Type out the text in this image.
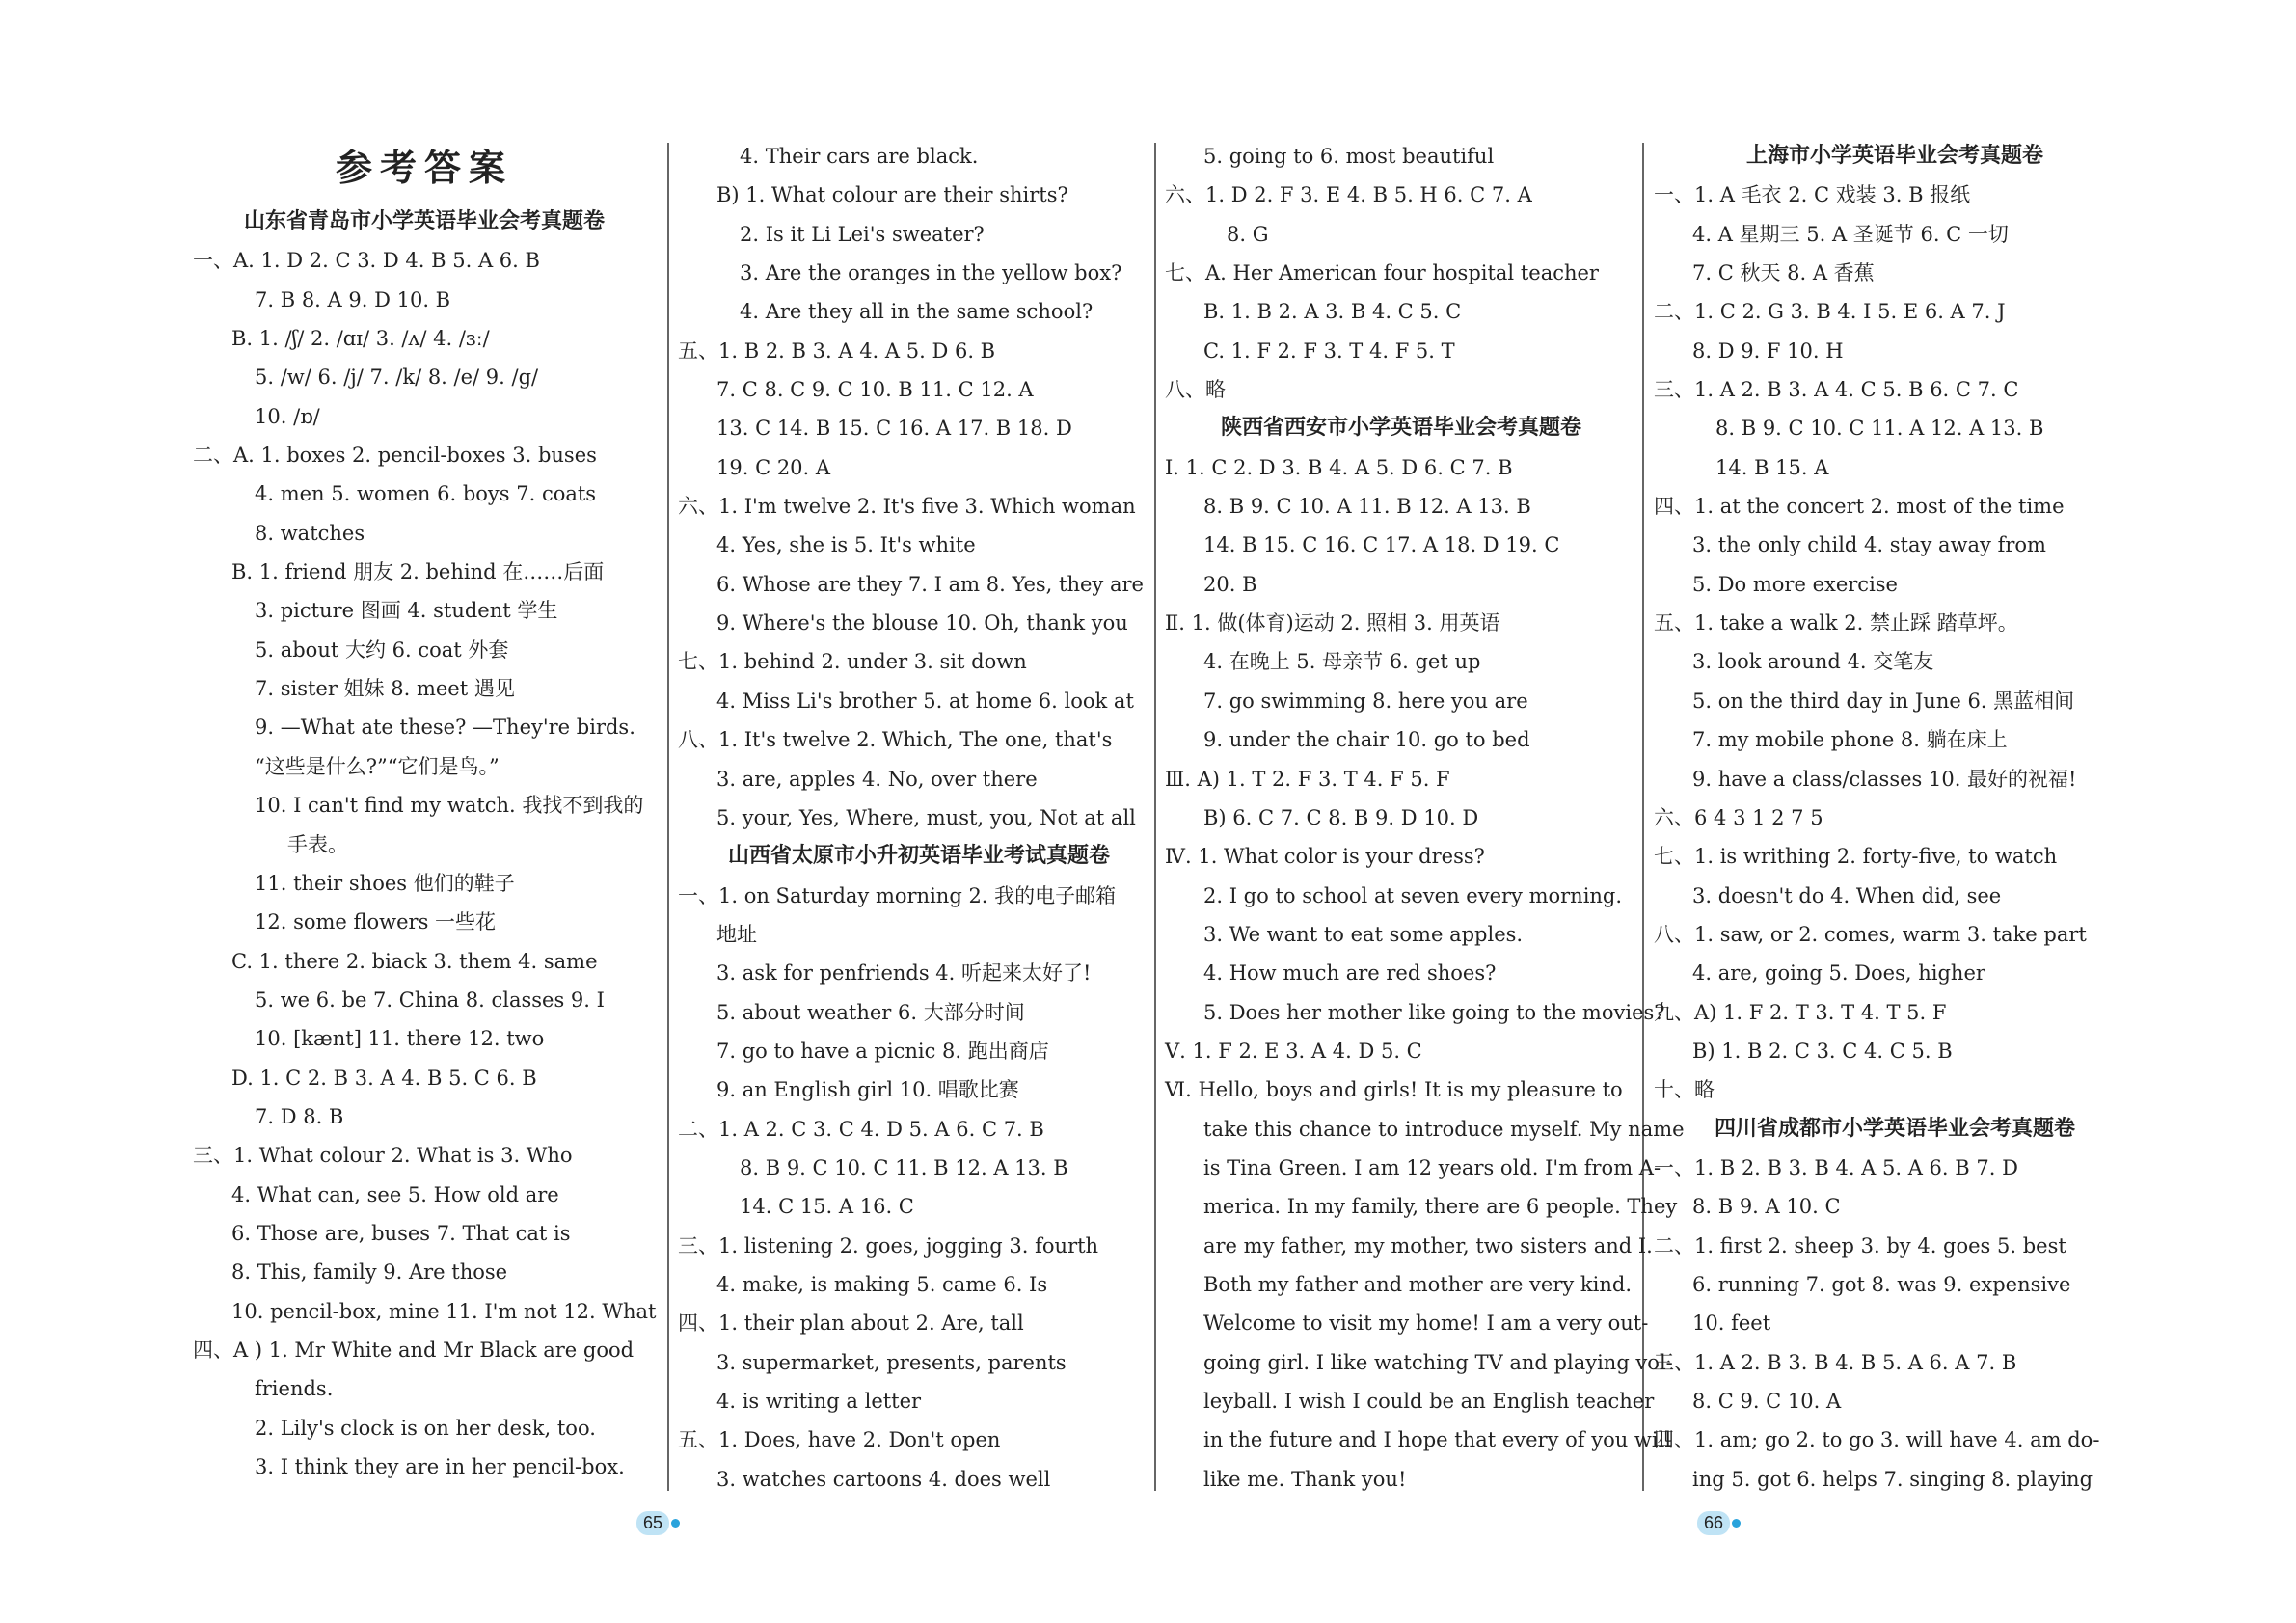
参考答案
山东省青岛市小学英语毕业会考真题卷
一、A. 1. D 2. C 3. D 4. B 5. A 6. B
7. B 8. A 9. D 10. B
B. 1. /ʃ/ 2. /ɑɪ/ 3. /ʌ/ 4. /ɜː/
5. /w/ 6. /j/ 7. /k/ 8. /e/ 9. /g/
10. /ɒ/
二、A. 1. boxes 2. pencil-boxes 3. buses
4. men 5. women 6. boys 7. coats
8. watches
B. 1. friend 朋友 2. behind 在……后面
3. picture 图画 4. student 学生
5. about 大约 6. coat 外套
7. sister 姐妹 8. meet 遇见
9. —What ate these? —They're birds.
“这些是什么?”“它们是鸟。”
10. I can't find my watch. 我找不到我的
手表。
11. their shoes 他们的鞋子
12. some flowers 一些花
C. 1. there 2. biack 3. them 4. same
5. we 6. be 7. China 8. classes 9. I
10. [kænt] 11. there 12. two
D. 1. C 2. B 3. A 4. B 5. C 6. B
7. D 8. B
三、1. What colour 2. What is 3. Who
4. What can, see 5. How old are
6. Those are, buses 7. That cat is
8. This, family 9. Are those
10. pencil-box, mine 11. I'm not 12. What
四、A ) 1. Mr White and Mr Black are good
friends.
2. Lily's clock is on her desk, too.
3. I think they are in her pencil-box.
4. Their cars are black.
B) 1. What colour are their shirts?
2. Is it Li Lei's sweater?
3. Are the oranges in the yellow box?
4. Are they all in the same school?
五、1. B 2. B 3. A 4. A 5. D 6. B
7. C 8. C 9. C 10. B 11. C 12. A
13. C 14. B 15. C 16. A 17. B 18. D
19. C 20. A
六、1. I'm twelve 2. It's five 3. Which woman
4. Yes, she is 5. It's white
6. Whose are they 7. I am 8. Yes, they are
9. Where's the blouse 10. Oh, thank you
七、1. behind 2. under 3. sit down
4. Miss Li's brother 5. at home 6. look at
八、1. It's twelve 2. Which, The one, that's
3. are, apples 4. No, over there
5. your, Yes, Where, must, you, Not at all
山西省太原市小升初英语毕业考试真题卷
一、1. on Saturday morning 2. 我的电子邮箱
地址
3. ask for penfriends 4. 听起来太好了!
5. about weather 6. 大部分时间
7. go to have a picnic 8. 跑出商店
9. an English girl 10. 唱歌比赛
二、1. A 2. C 3. C 4. D 5. A 6. C 7. B
8. B 9. C 10. C 11. B 12. A 13. B
14. C 15. A 16. C
三、1. listening 2. goes, jogging 3. fourth
4. make, is making 5. came 6. Is
四、1. their plan about 2. Are, tall
3. supermarket, presents, parents
4. is writing a letter
五、1. Does, have 2. Don't open
3. watches cartoons 4. does well
5. going to 6. most beautiful
六、1. D 2. F 3. E 4. B 5. H 6. C 7. A
8. G
七、A. Her American four hospital teacher
B. 1. B 2. A 3. B 4. C 5. C
C. 1. F 2. F 3. T 4. F 5. T
八、略
陕西省西安市小学英语毕业会考真题卷
Ⅰ. 1. C 2. D 3. B 4. A 5. D 6. C 7. B
8. B 9. C 10. A 11. B 12. A 13. B
14. B 15. C 16. C 17. A 18. D 19. C
20. B
Ⅱ. 1. 做(体育)运动 2. 照相 3. 用英语
4. 在晚上 5. 母亲节 6. get up
7. go swimming 8. here you are
9. under the chair 10. go to bed
Ⅲ. A) 1. T 2. F 3. T 4. F 5. F
B) 6. C 7. C 8. B 9. D 10. D
Ⅳ. 1. What color is your dress?
2. I go to school at seven every morning.
3. We want to eat some apples.
4. How much are red shoes?
5. Does her mother like going to the movies?
Ⅴ. 1. F 2. E 3. A 4. D 5. C
Ⅵ. Hello, boys and girls! It is my pleasure to
take this chance to introduce myself. My name
is Tina Green. I am 12 years old. I'm from A-
merica. In my family, there are 6 people. They
are my father, my mother, two sisters and I.
Both my father and mother are very kind.
Welcome to visit my home! I am a very out-
going girl. I like watching TV and playing vol-
leyball. I wish I could be an English teacher
in the future and I hope that every of you will
like me. Thank you!
上海市小学英语毕业会考真题卷
一、1. A 毛衣 2. C 戏装 3. B 报纸
4. A 星期三 5. A 圣诞节 6. C 一切
7. C 秋天 8. A 香蕉
二、1. C 2. G 3. B 4. I 5. E 6. A 7. J
8. D 9. F 10. H
三、1. A 2. B 3. A 4. C 5. B 6. C 7. C
8. B 9. C 10. C 11. A 12. A 13. B
14. B 15. A
四、1. at the concert 2. most of the time
3. the only child 4. stay away from
5. Do more exercise
五、1. take a walk 2. 禁止踩 踏草坪。
3. look around 4. 交笔友
5. on the third day in June 6. 黑蓝相间
7. my mobile phone 8. 躺在床上
9. have a class/classes 10. 最好的祝福!
六、6 4 3 1 2 7 5
七、1. is writhing 2. forty-five, to watch
3. doesn't do 4. When did, see
八、1. saw, or 2. comes, warm 3. take part
4. are, going 5. Does, higher
九、A) 1. F 2. T 3. T 4. T 5. F
B) 1. B 2. C 3. C 4. C 5. B
十、略
四川省成都市小学英语毕业会考真题卷
一、1. B 2. B 3. B 4. A 5. A 6. B 7. D
8. B 9. A 10. C
二、1. first 2. sheep 3. by 4. goes 5. best
6. running 7. got 8. was 9. expensive
10. feet
三、1. A 2. B 3. B 4. B 5. A 6. A 7. B
8. C 9. C 10. A
四、1. am; go 2. to go 3. will have 4. am do-
ing 5. got 6. helps 7. singing 8. playing
65	66
